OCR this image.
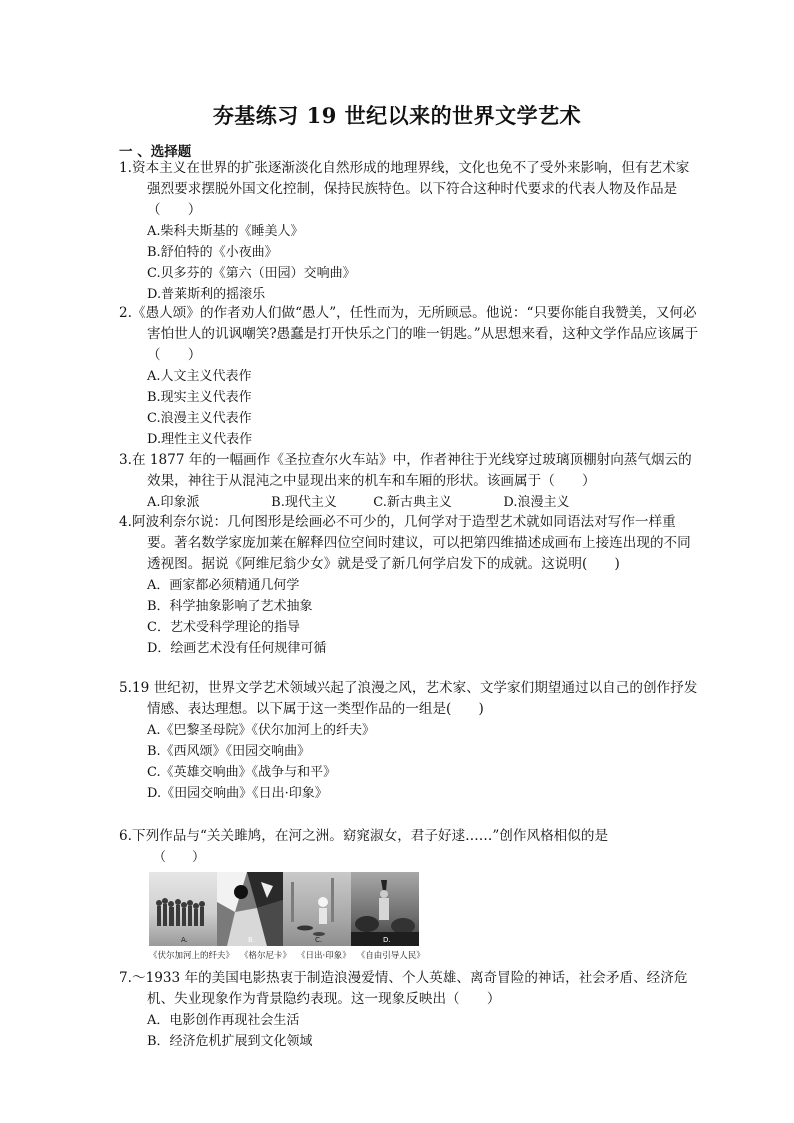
夯基练习 19 世纪以来的世界文学艺术
一 、选择题
1.资本主义在世界的扩张逐渐淡化自然形成的地理界线，文化也免不了受外来影响，但有艺术家强烈要求摆脱外国文化控制，保持民族特色。以下符合这种时代要求的代表人物及作品是（　　）
A.柴科夫斯基的《睡美人》
B.舒伯特的《小夜曲》
C.贝多芬的《第六（田园）交响曲》
D.普莱斯利的摇滚乐
2.《愚人颂》的作者劝人们做“愚人”，任性而为，无所顾忌。他说：“只要你能自我赞美，又何必害怕世人的讥讽嘲笑?愚蠢是打开快乐之门的唯一钥匙。”从思想来看，这种文学作品应该属于（　　）
A.人文主义代表作
B.现实主义代表作
C.浪漫主义代表作
D.理性主义代表作
3.在 1877 年的一幅画作《圣拉查尔火车站》中，作者神往于光线穿过玻璃顶棚射向蒸气烟云的效果，神往于从混沌之中显现出来的机车和车厢的形状。该画属于（　　）
A.印象派	B.现代主义	C.新古典主义	D.浪漫主义
4.阿波利奈尔说：几何图形是绘画必不可少的，几何学对于造型艺术就如同语法对写作一样重要。著名数学家庞加莱在解释四位空间时建议，可以把第四维描述成画布上接连出现的不同透视图。据说《阿维尼翁少女》就是受了新几何学启发下的成就。这说明(　　)
A．画家都必须精通几何学
B．科学抽象影响了艺术抽象
C．艺术受科学理论的指导
D．绘画艺术没有任何规律可循
5.19 世纪初，世界文学艺术领域兴起了浪漫之风，艺术家、文学家们期望通过以自己的创作抒发情感、表达理想。以下属于这一类型作品的一组是(　　)
A.《巴黎圣母院》《伏尔加河上的纤夫》
B.《西风颂》《田园交响曲》
C.《英雄交响曲》《战争与和平》
D.《田园交响曲》《日出·印象》
6.下列作品与“关关雎鸠，在河之洲。窈窕淑女，君子好逑……”创作风格相似的是
（　　）
A.	B.	C.	D.
《伏尔加河上的纤夫》 《格尔尼卡》 《日出·印象》 《自由引导人民》
7.～1933 年的美国电影热衷于制造浪漫爱情、个人英雄、离奇冒险的神话，社会矛盾、经济危机、失业现象作为背景隐约表现。这一现象反映出（　　）
A．电影创作再现社会生活
B．经济危机扩展到文化领域
